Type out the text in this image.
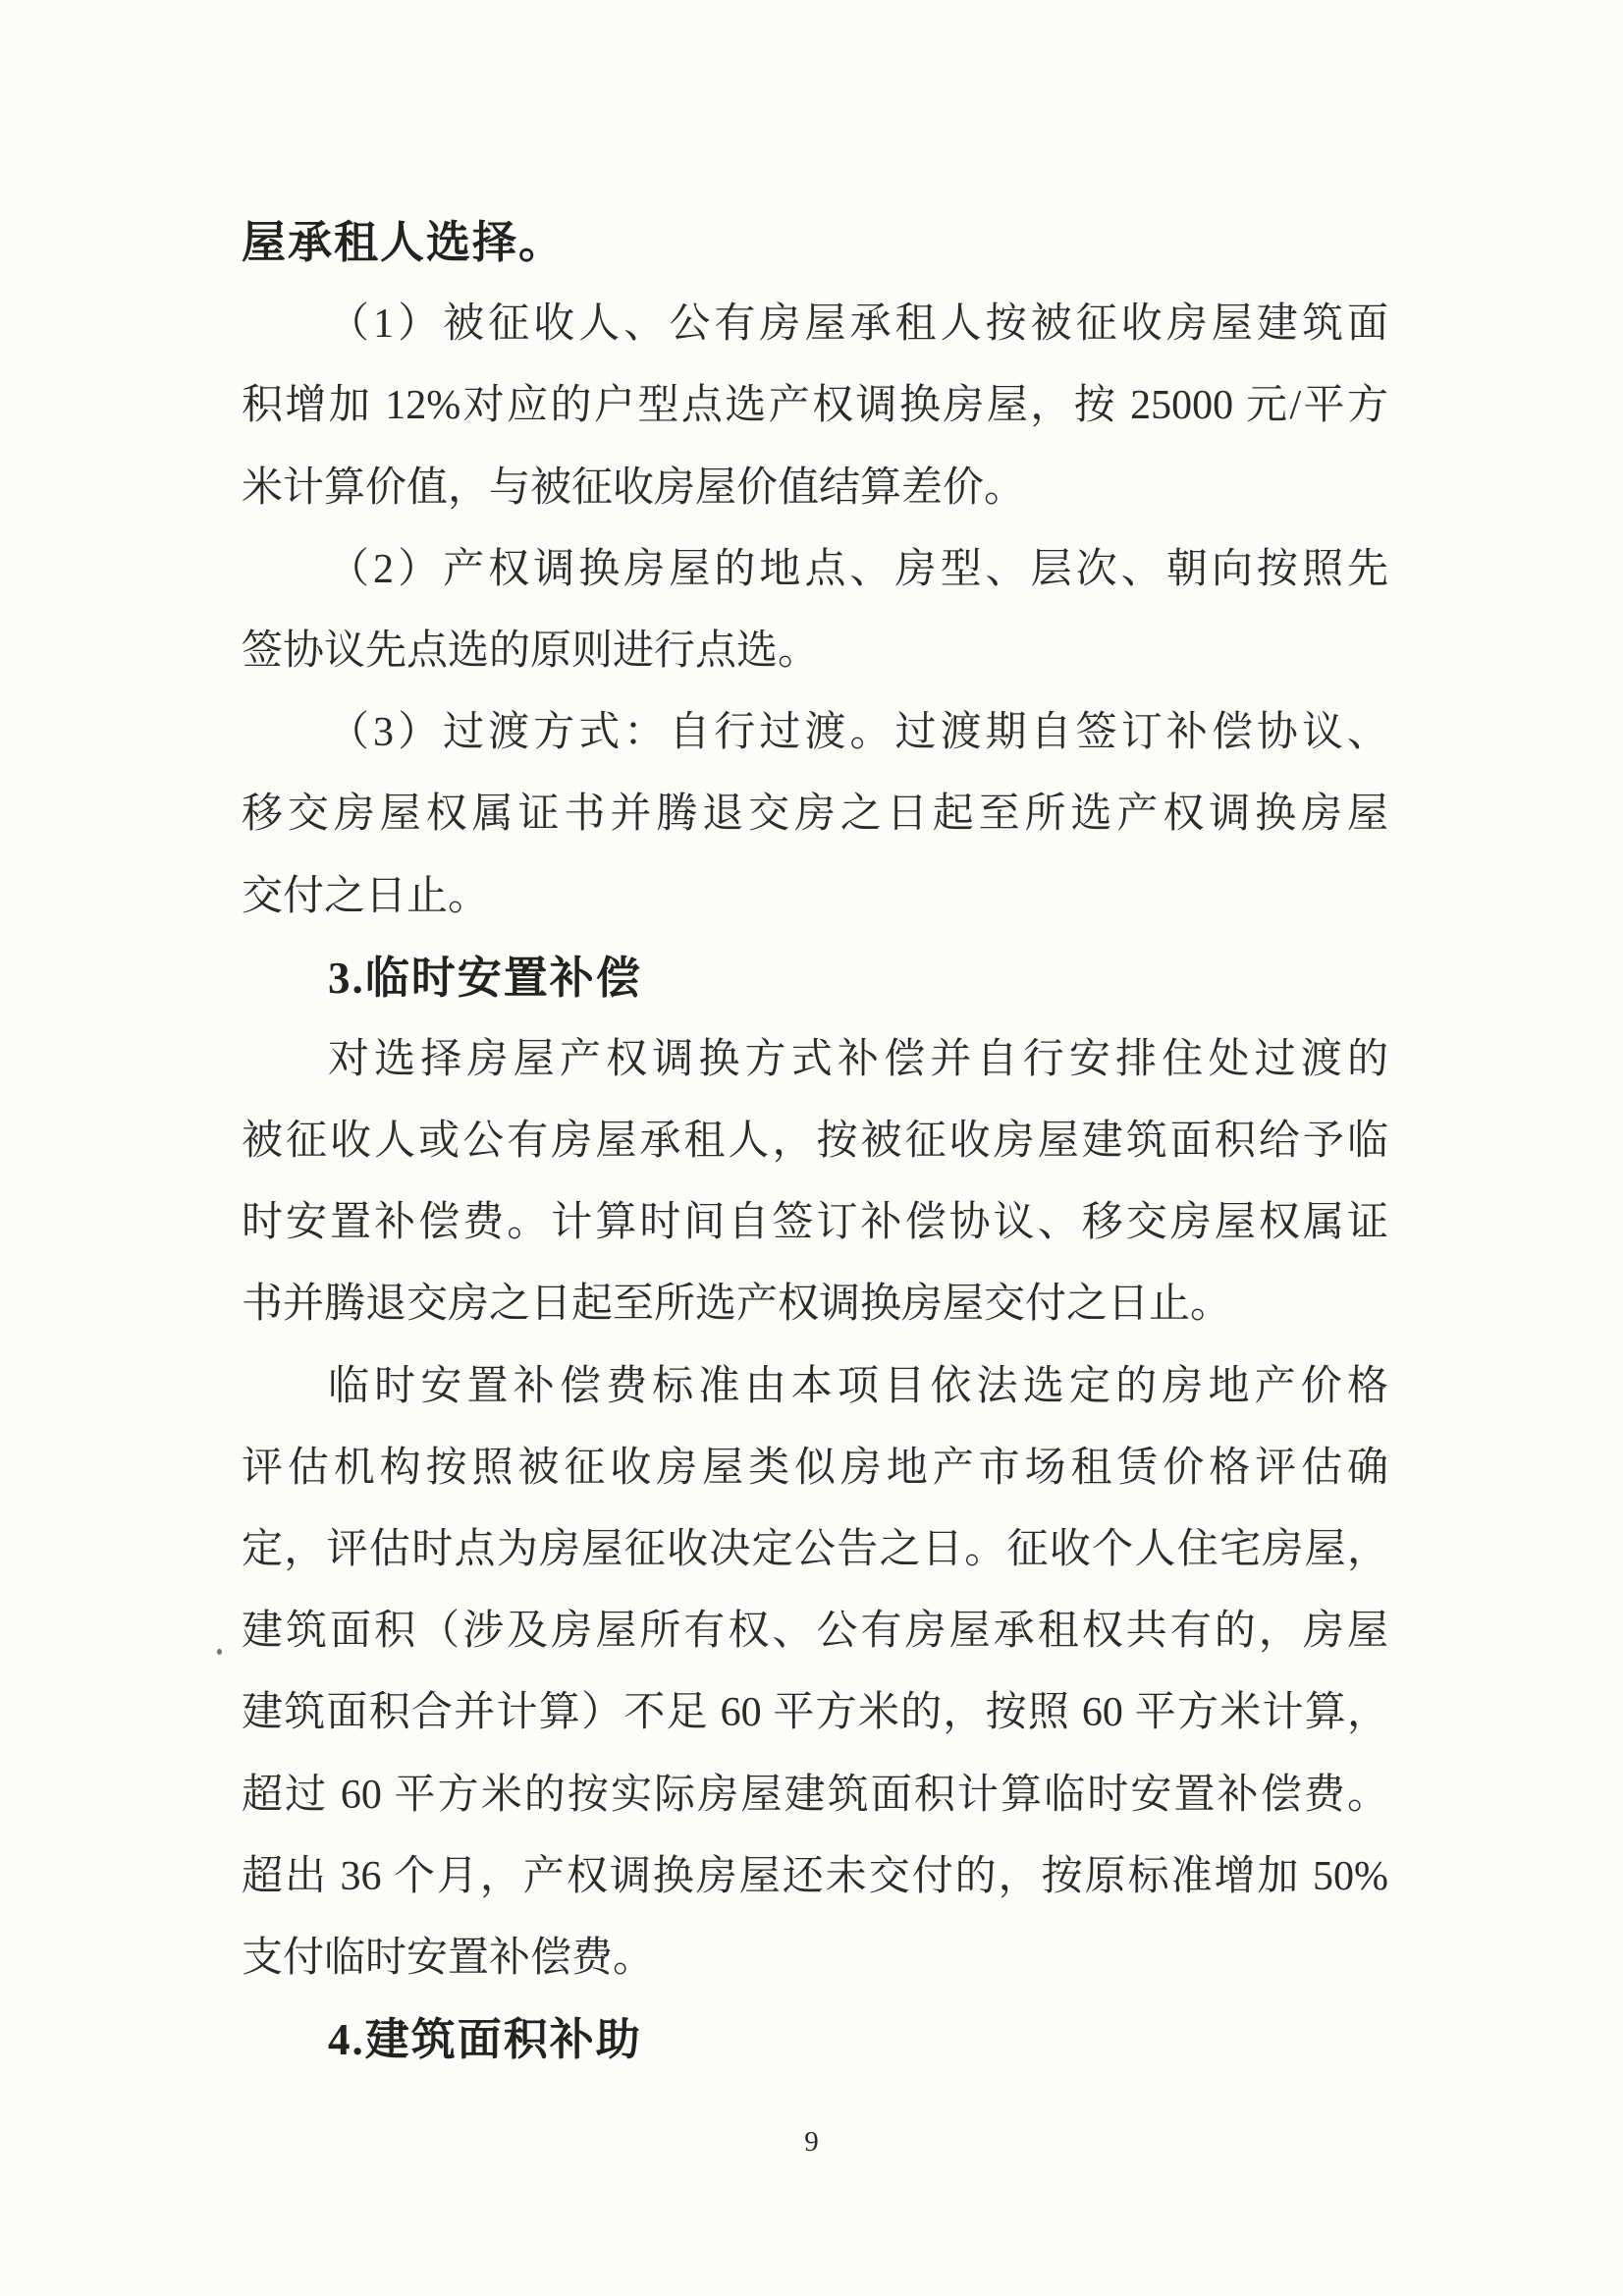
屋承租人选择。
（1）被征收人、公有房屋承租人按被征收房屋建筑面
积增加 12%对应的户型点选产权调换房屋，按 25000 元/平方
米计算价值，与被征收房屋价值结算差价。
（2）产权调换房屋的地点、房型、层次、朝向按照先
签协议先点选的原则进行点选。
（3）过渡方式：自行过渡。过渡期自签订补偿协议、
移交房屋权属证书并腾退交房之日起至所选产权调换房屋
交付之日止。
3.临时安置补偿
对选择房屋产权调换方式补偿并自行安排住处过渡的
被征收人或公有房屋承租人，按被征收房屋建筑面积给予临
时安置补偿费。计算时间自签订补偿协议、移交房屋权属证
书并腾退交房之日起至所选产权调换房屋交付之日止。
临时安置补偿费标准由本项目依法选定的房地产价格
评估机构按照被征收房屋类似房地产市场租赁价格评估确
定，评估时点为房屋征收决定公告之日。征收个人住宅房屋，
建筑面积（涉及房屋所有权、公有房屋承租权共有的，房屋
建筑面积合并计算）不足 60 平方米的，按照 60 平方米计算，
超过 60 平方米的按实际房屋建筑面积计算临时安置补偿费。
超出 36 个月，产权调换房屋还未交付的，按原标准增加 50%
支付临时安置补偿费。
4.建筑面积补助
9
